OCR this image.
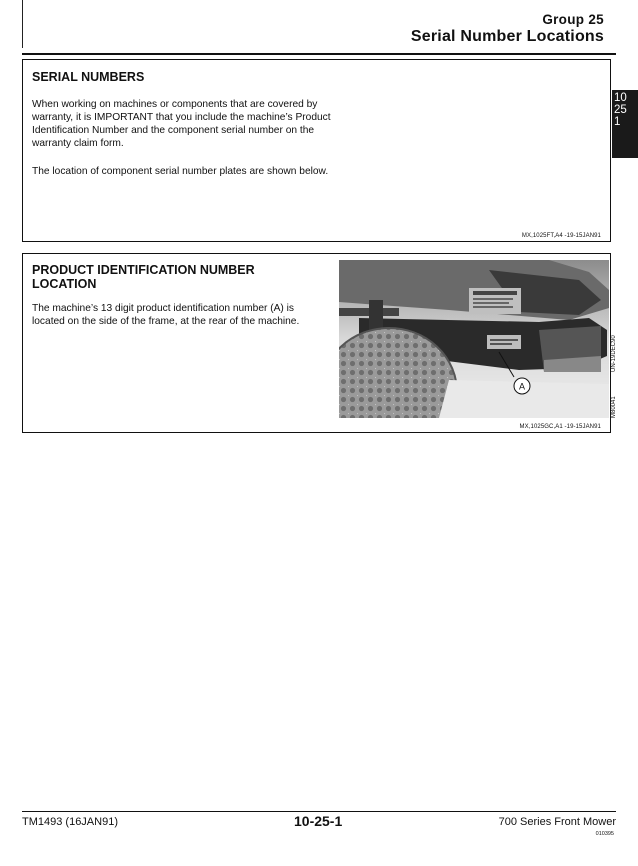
Group 25
Serial Number Locations
10
25
1

SERIAL NUMBERS

When working on machines or components that are covered by warranty, it is IMPORTANT that you include the machine’s Product Identification Number and the component serial number on the warranty claim form.

The location of component serial number plates are shown below.

MX,1025FT,A4 -19-15JAN91

PRODUCT IDENTIFICATION NUMBER LOCATION

The machine’s 13 digit product identification number (A) is located on the side of the frame, at the rear of the machine.

A
UN-19DEC90
M80041
MX,1025GC,A1 -19-15JAN91
TM1493 (16JAN91)	10-25-1	700 Series Front Mower
010395
